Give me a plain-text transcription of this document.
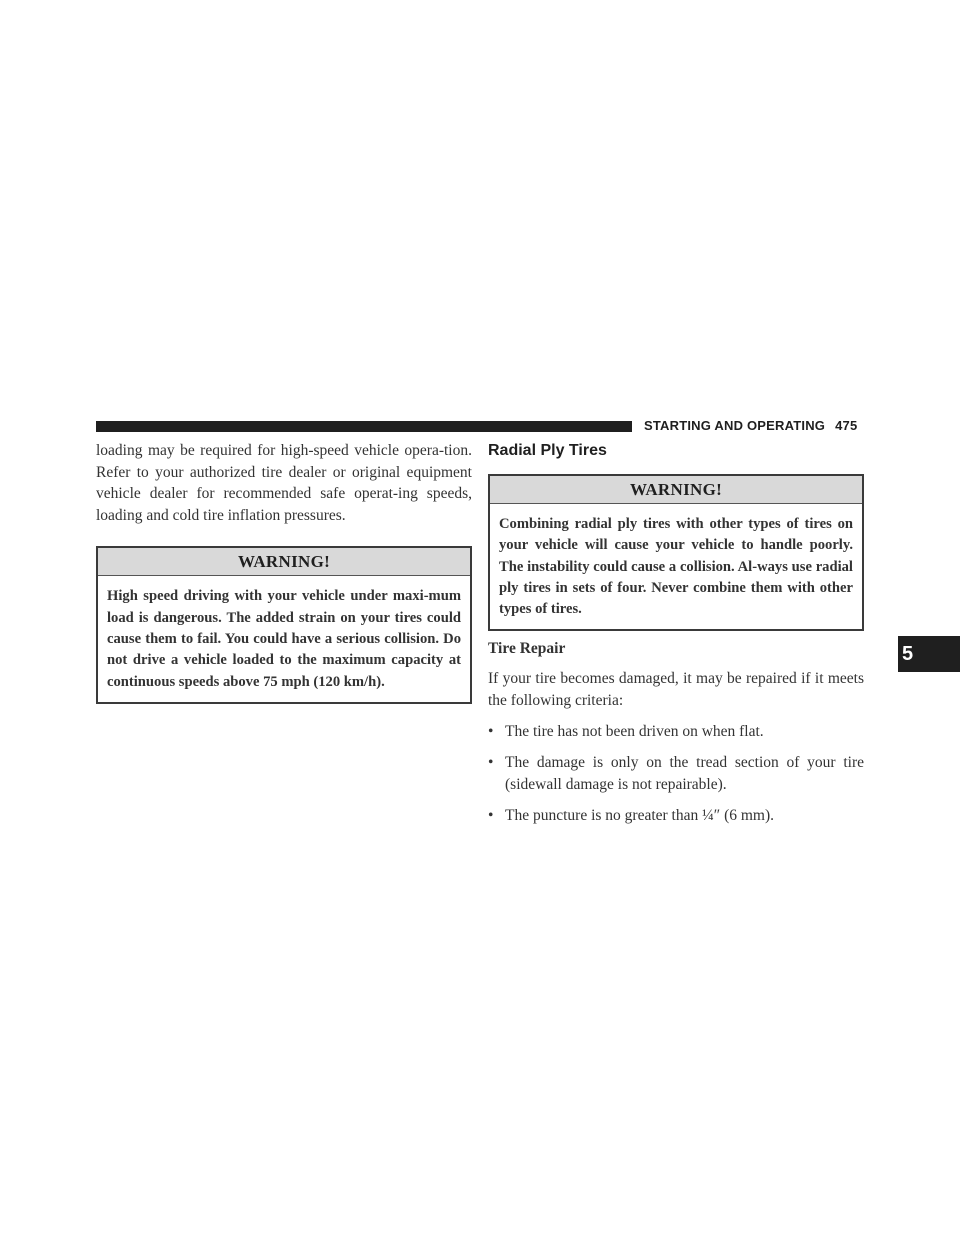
STARTING AND OPERATING 475
5

loading may be required for high-speed vehicle opera-tion. Refer to your authorized tire dealer or original equipment vehicle dealer for recommended safe operat-ing speeds, loading and cold tire inflation pressures.

WARNING!
High speed driving with your vehicle under maxi-mum load is dangerous. The added strain on your tires could cause them to fail. You could have a serious collision. Do not drive a vehicle loaded to the maximum capacity at continuous speeds above 75 mph (120 km/h).
Radial Ply Tires
WARNING!
Combining radial ply tires with other types of tires on your vehicle will cause your vehicle to handle poorly. The instability could cause a collision. Al-ways use radial ply tires in sets of four. Never combine them with other types of tires.

Tire Repair

If your tire becomes damaged, it may be repaired if it meets the following criteria:

• The tire has not been driven on when flat.
• The damage is only on the tread section of your tire (sidewall damage is not repairable).
• The puncture is no greater than ¼″ (6 mm).
